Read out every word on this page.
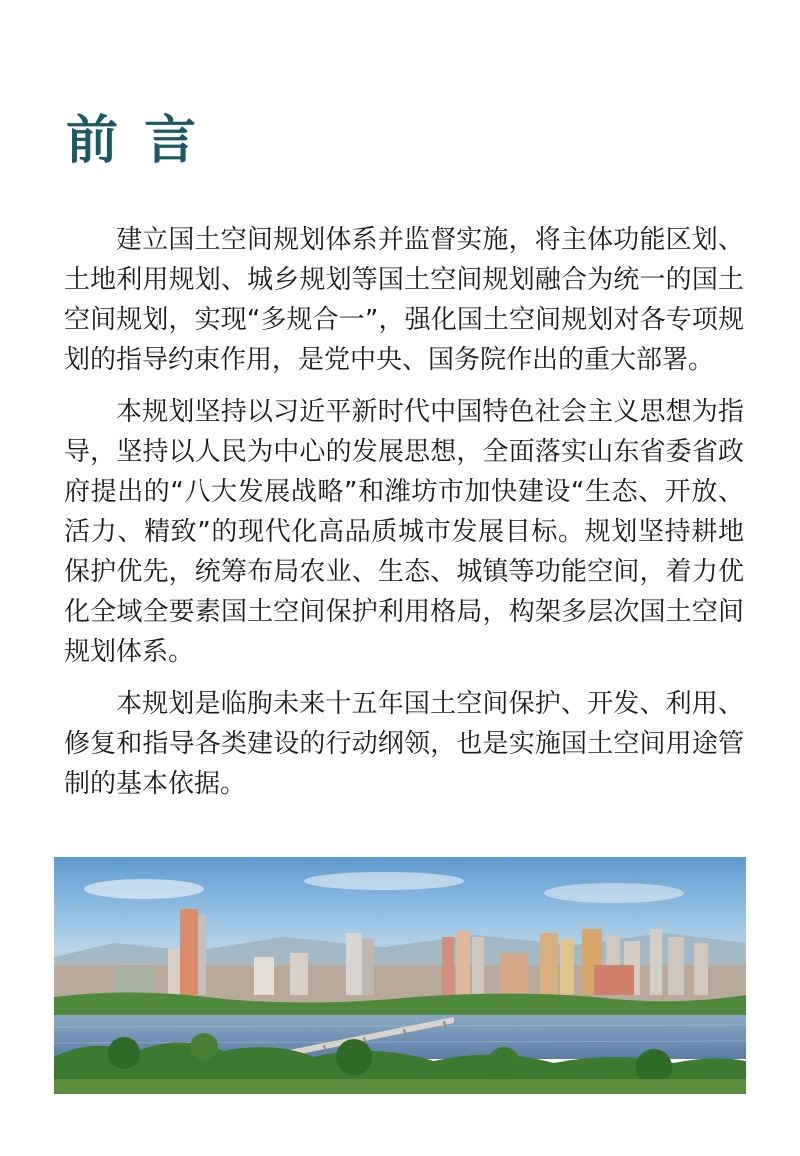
前 言

建立国土空间规划体系并监督实施，将主体功能区划、土地利用规划、城乡规划等国土空间规划融合为统一的国土空间规划，实现“多规合一”，强化国土空间规划对各专项规划的指导约束作用，是党中央、国务院作出的重大部署。

本规划坚持以习近平新时代中国特色社会主义思想为指导，坚持以人民为中心的发展思想，全面落实山东省委省政府提出的“八大发展战略”和潍坊市加快建设“生态、开放、活力、精致”的现代化高品质城市发展目标。规划坚持耕地保护优先，统筹布局农业、生态、城镇等功能空间，着力优化全域全要素国土空间保护利用格局，构架多层次国土空间规划体系。

本规划是临朐未来十五年国土空间保护、开发、利用、修复和指导各类建设的行动纲领，也是实施国土空间用途管制的基本依据。
